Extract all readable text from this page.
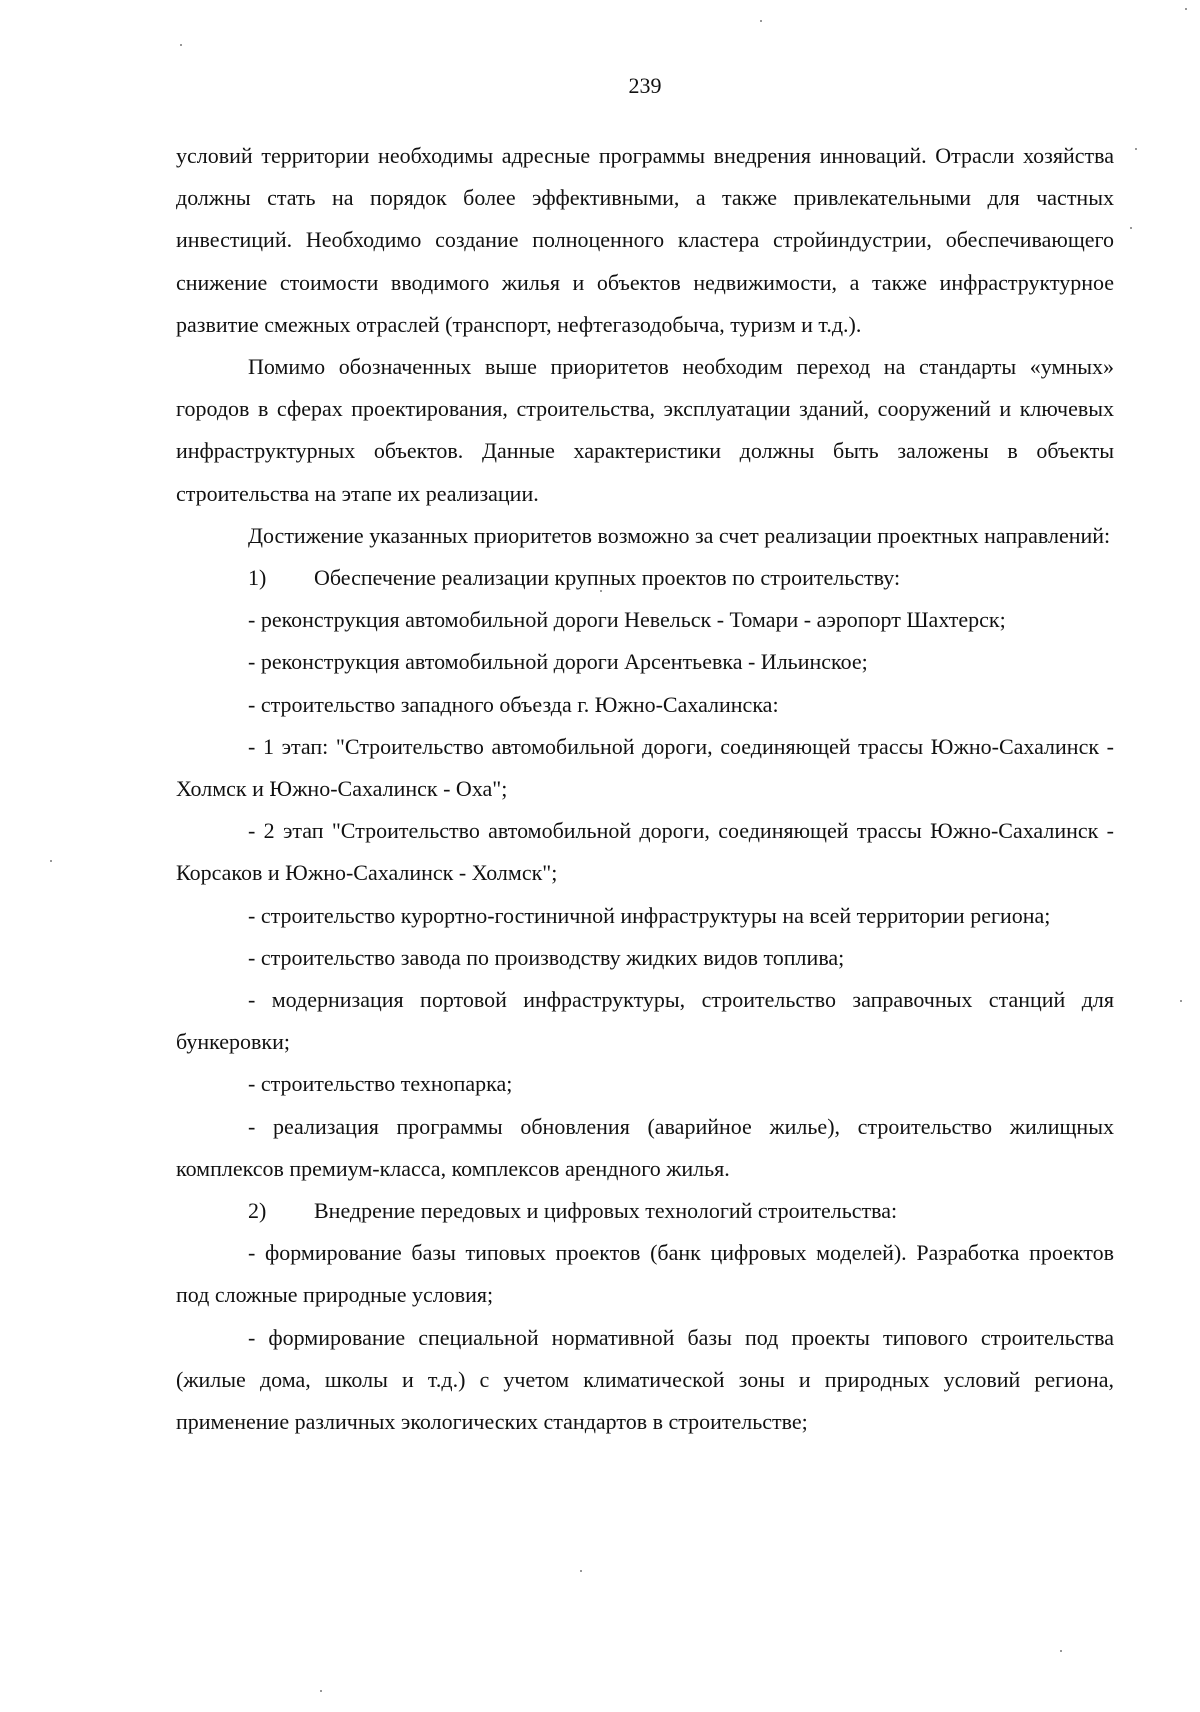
239

условий территории необходимы адресные программы внедрения инноваций. Отрасли хозяйства должны стать на порядок более эффективными, а также привлекательными для частных инвестиций. Необходимо создание полноценного кластера стройиндустрии, обеспечивающего снижение стоимости вводимого жилья и объектов недвижимости, а также инфраструктурное развитие смежных отраслей (транспорт, нефтегазодобыча, туризм и т.д.).

Помимо обозначенных выше приоритетов необходим переход на стандарты «умных» городов в сферах проектирования, строительства, эксплуатации зданий, сооружений и ключевых инфраструктурных объектов. Данные характеристики должны быть заложены в объекты строительства на этапе их реализации.

Достижение указанных приоритетов возможно за счет реализации проектных направлений:

1)	Обеспечение реализации крупных проектов по строительству:

- реконструкция автомобильной дороги Невельск - Томари - аэропорт Шахтерск;

- реконструкция автомобильной дороги Арсентьевка - Ильинское;

- строительство западного объезда г. Южно-Сахалинска:

- 1 этап: "Строительство автомобильной дороги, соединяющей трассы Южно-Сахалинск - Холмск и Южно-Сахалинск - Оха";

- 2 этап "Строительство автомобильной дороги, соединяющей трассы Южно-Сахалинск - Корсаков и Южно-Сахалинск - Холмск";

- строительство курортно-гостиничной инфраструктуры на всей территории региона;

- строительство завода по производству жидких видов топлива;

- модернизация портовой инфраструктуры, строительство заправочных станций для бункеровки;

- строительство технопарка;

- реализация программы обновления (аварийное жилье), строительство жилищных комплексов премиум-класса, комплексов арендного жилья.

2)	Внедрение передовых и цифровых технологий строительства:

- формирование базы типовых проектов (банк цифровых моделей). Разработка проектов под сложные природные условия;

- формирование специальной нормативной базы под проекты типового строительства (жилые дома, школы и т.д.) с учетом климатической зоны и природных условий региона, применение различных экологических стандартов в строительстве;
